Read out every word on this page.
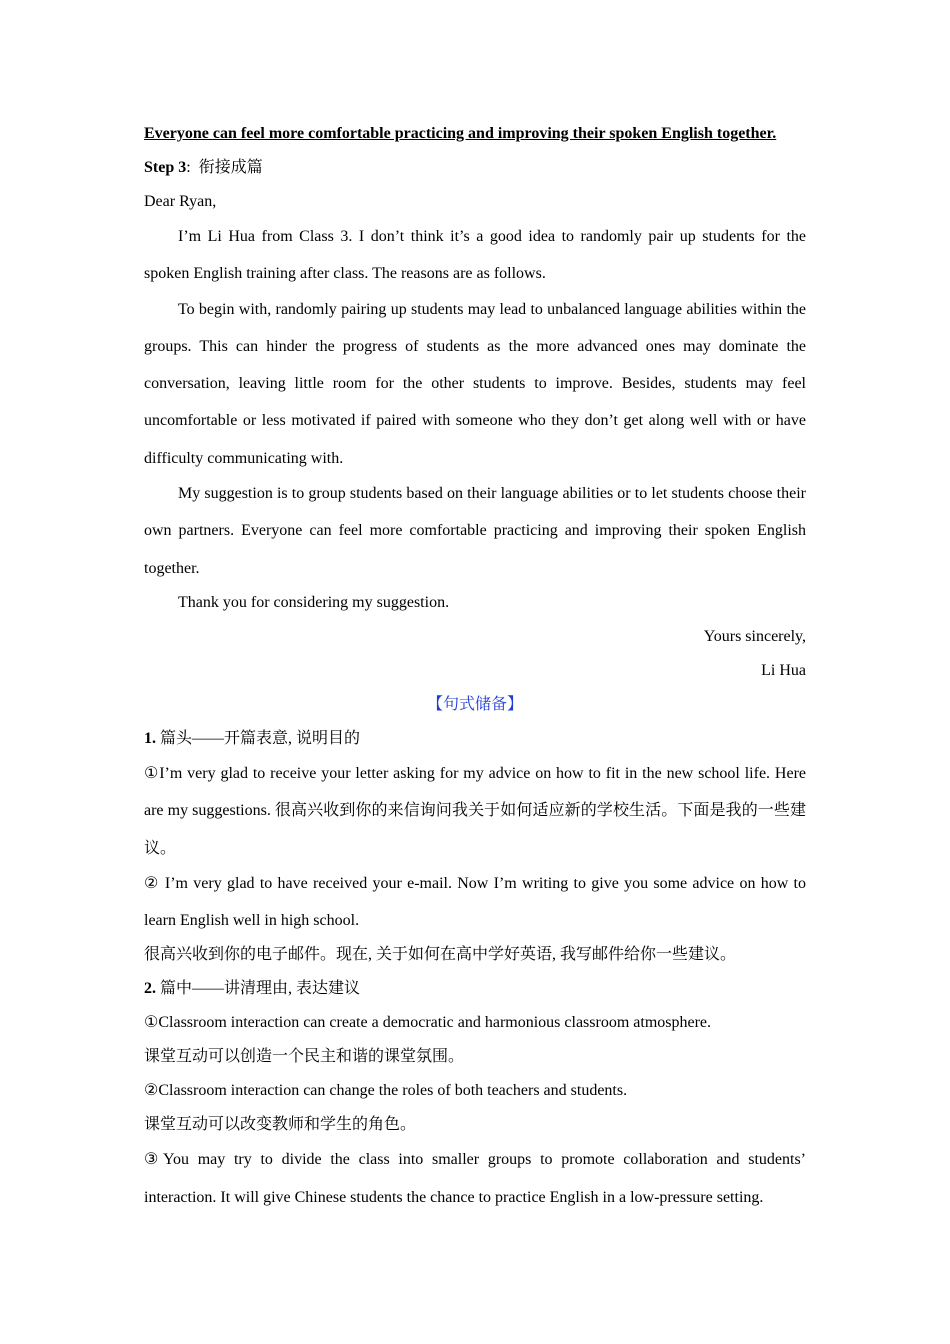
Everyone can feel more comfortable practicing and improving their spoken English together.

Step 3: 衔接成篇

Dear Ryan,

I’m Li Hua from Class 3. I don’t think it’s a good idea to randomly pair up students for the spoken English training after class. The reasons are as follows.

To begin with, randomly pairing up students may lead to unbalanced language abilities within the groups. This can hinder the progress of students as the more advanced ones may dominate the conversation, leaving little room for the other students to improve. Besides, students may feel uncomfortable or less motivated if paired with someone who they don’t get along well with or have difficulty communicating with.

My suggestion is to group students based on their language abilities or to let students choose their own partners. Everyone can feel more comfortable practicing and improving their spoken English together.

Thank you for considering my suggestion.

Yours sincerely,

Li Hua

【句式储备】

1. 篇头——开篇表意, 说明目的

①I’m very glad to receive your letter asking for my advice on how to fit in the new school life. Here are my suggestions. 很高兴收到你的来信询问我关于如何适应新的学校生活。下面是我的一些建议。

② I’m very glad to have received your e-mail. Now I’m writing to give you some advice on how to learn English well in high school.

很高兴收到你的电子邮件。现在, 关于如何在高中学好英语, 我写邮件给你一些建议。

2. 篇中——讲清理由, 表达建议

①Classroom interaction can create a democratic and harmonious classroom atmosphere.

课堂互动可以创造一个民主和谐的课堂氛围。

②Classroom interaction can change the roles of both teachers and students.

课堂互动可以改变教师和学生的角色。

③You may try to divide the class into smaller groups to promote collaboration and students’ interaction. It will give Chinese students the chance to practice English in a low-pressure setting.
